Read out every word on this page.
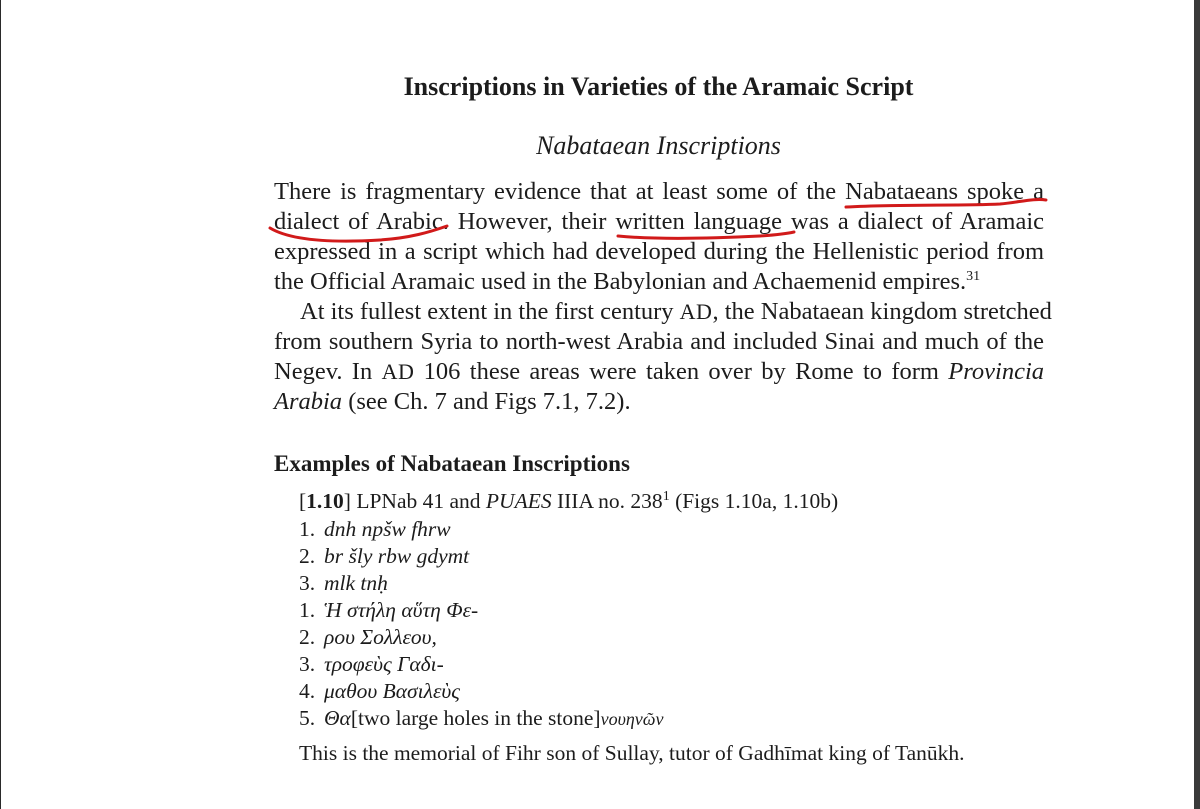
Inscriptions in Varieties of the Aramaic Script
Nabataean Inscriptions

There is fragmentary evidence that at least some of the Nabataeans spoke a

dialect of Arabic. However, their written language was a dialect of Aramaic

expressed in a script which had developed during the Hellenistic period from

the Official Aramaic used in the Babylonian and Achaemenid empires.$^{31}$

At its fullest extent in the first century AD, the Nabataean kingdom stretched

from southern Syria to north-west Arabia and included Sinai and much of the

Negev. In AD 106 these areas were taken over by Rome to form Provincia

Arabia (see Ch. 7 and Figs 7.1, 7.2).

Examples of Nabataean Inscriptions
[1.10] LPNab 41 and PUAES IIIA no. $238^1$ (Figs 1.10a, 1.10b)
1. dnh npšw fhrw
2. br šly rbw gdymt
3. mlk tnḥ
1. Ἡ στήλη αὕτη Φε-
2. ρου Σολλεου,
3. τροφεὺς Γαδι-
4. μαθου Βασιλεὺς
5. Θα[two large holes in the stone]νουηνῶν
This is the memorial of Fihr son of Sullay, tutor of Gadhīmat king of Tanūkh.
